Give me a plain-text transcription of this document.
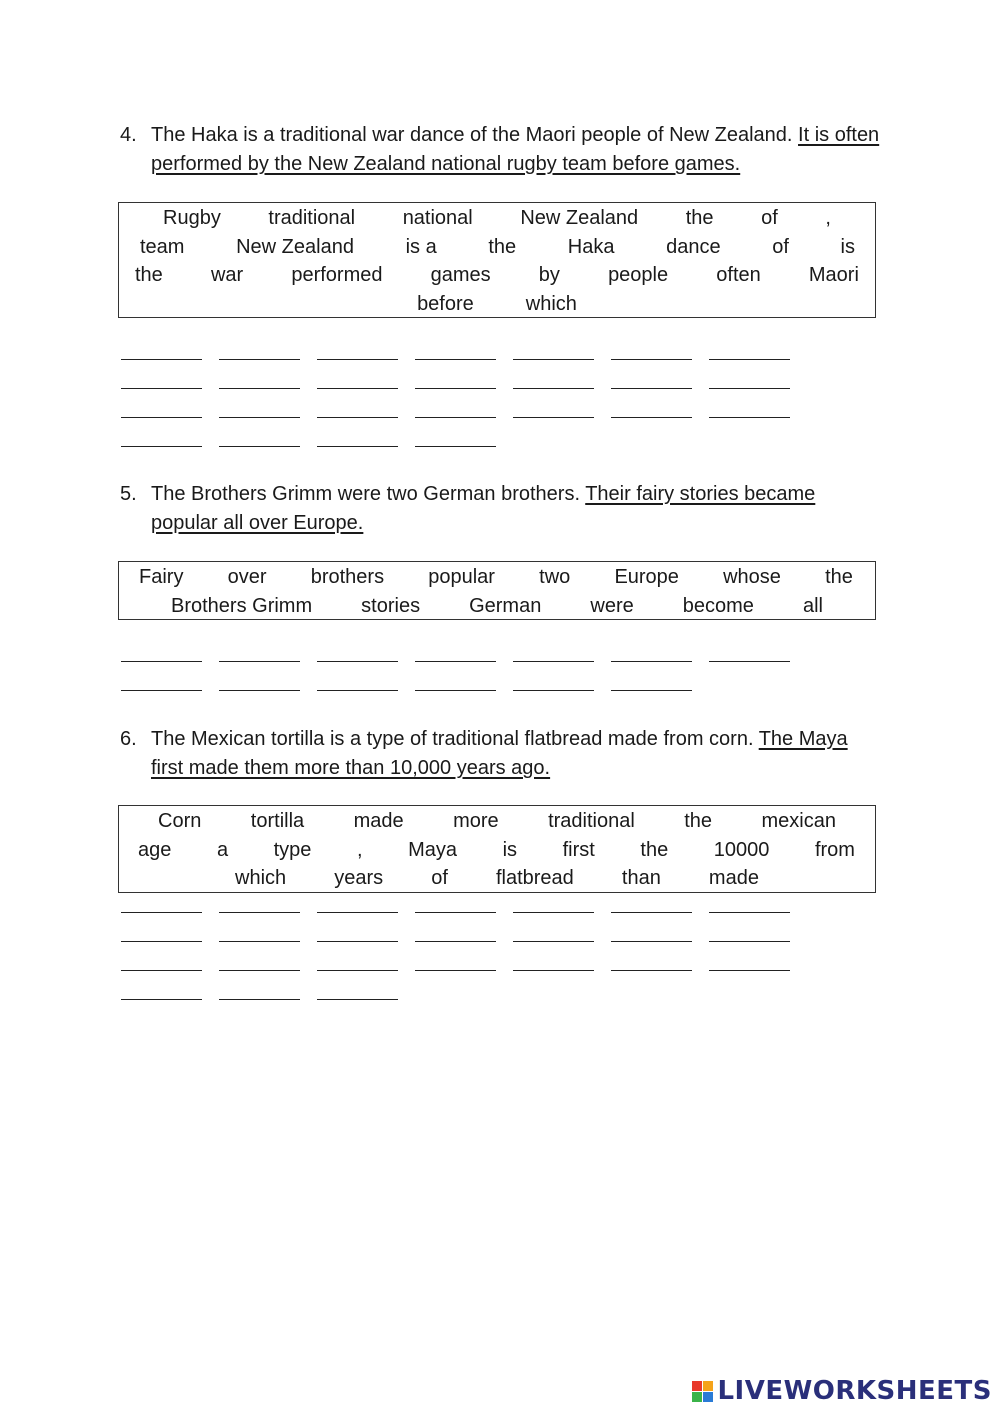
4. The Haka is a traditional war dance of the Maori people of New Zealand. It is often performed by the New Zealand national rugby team before games.
Rugby traditional national New Zealand the of ,
team	New Zealand	is a	the	Haka	dance	of	is
the war performed games by people often Maori
before	which
5. The Brothers Grimm were two German brothers. Their fairy stories became popular all over Europe.
Fairy over brothers popular two Europe whose the
Brothers Grimm stories German were become all
6. The Mexican tortilla is a type of traditional flatbread made from corn. The Maya first made them more than 10,000 years ago.
Corn tortilla made more traditional the mexican
age a type , Maya is first the 10000 from
which years of flatbread than made
LIVEWORKSHEETS
